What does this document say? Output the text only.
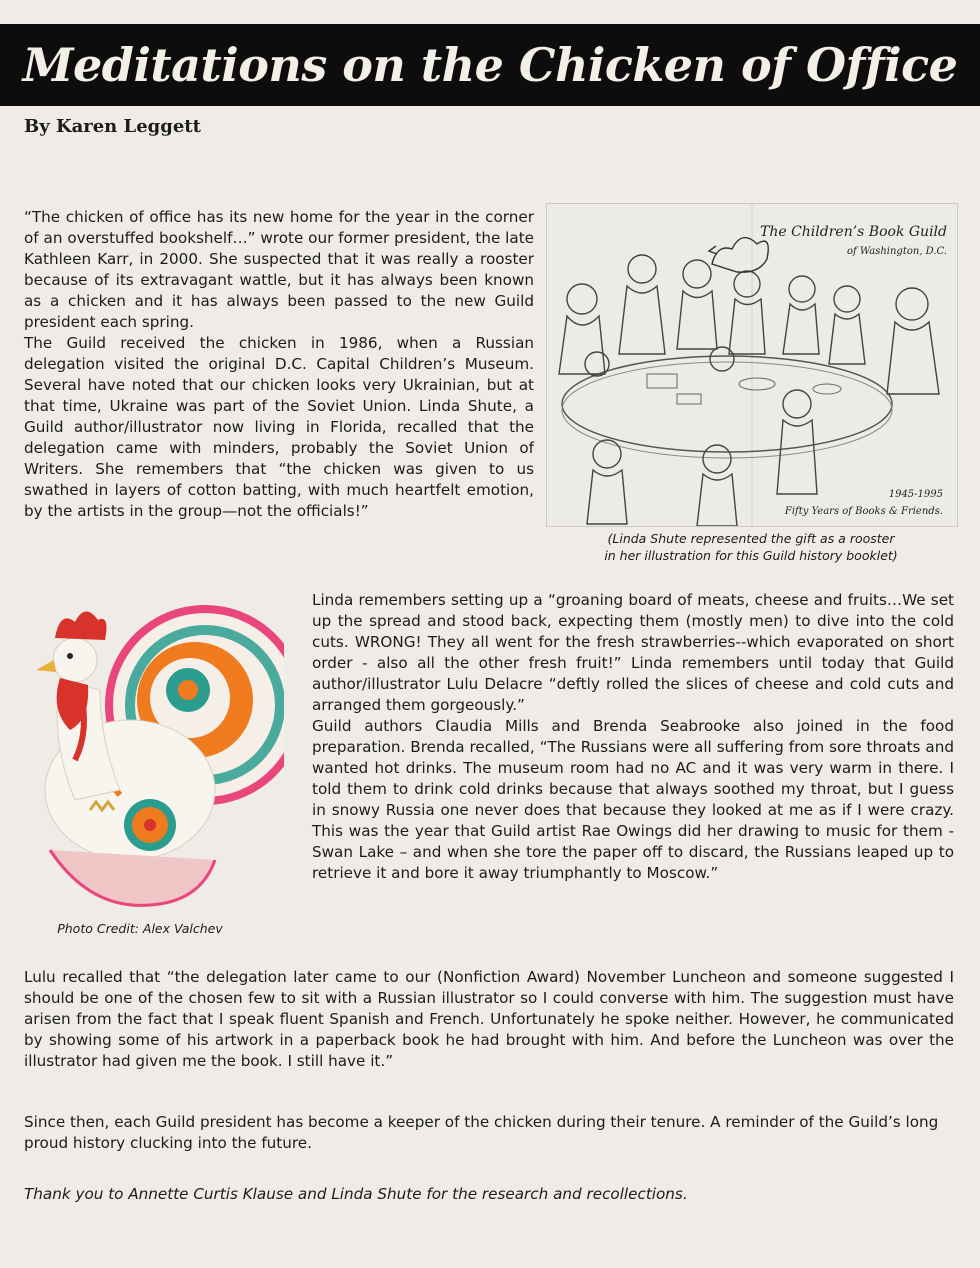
Meditations on the Chicken of Office
By Karen Leggett

“The chicken of office has its new home for the year in the corner of an overstuffed bookshelf…” wrote our former president, the late Kathleen Karr, in 2000. She suspected that it was really a rooster because of its extravagant wattle, but it has always been known as a chicken and it has always been passed to the new Guild president each spring.

The Guild received the chicken in 1986, when a Russian delegation visited the original D.C. Capital Children’s Museum. Several have noted that our chicken looks very Ukrainian, but at that time, Ukraine was part of the Soviet Union. Linda Shute, a Guild author/illustrator now living in Florida, recalled that the delegation came with minders, probably the Soviet Union of Writers. She remembers that “the chicken was given to us swathed in layers of cotton batting, with much heartfelt emotion, by the artists in the group—not the officials!”

The Children’s Book Guild
of Washington, D.C.
1945-1995
Fifty Years of Books & Friends.
(Linda Shute represented the gift as a rooster
in her illustration for this Guild history booklet)
Photo Credit: Alex Valchev

Linda remembers setting up a “groaning board of meats, cheese and fruits…We set up the spread and stood back, expecting them (mostly men) to dive into the cold cuts. WRONG! They all went for the fresh strawberries--which evaporated on short order - also all the other fresh fruit!” Linda remembers until today that Guild author/illustrator Lulu Delacre “deftly rolled the slices of cheese and cold cuts and arranged them gorgeously.”

Guild authors Claudia Mills and Brenda Seabrooke also joined in the food preparation. Brenda recalled, “The Russians were all suffering from sore throats and wanted hot drinks. The museum room had no AC and it was very warm in there. I told them to drink cold drinks because that always soothed my throat, but I guess in snowy Russia one never does that because they looked at me as if I were crazy. This was the year that Guild artist Rae Owings did her drawing to music for them -Swan Lake – and when she tore the paper off to discard, the Russians leaped up to retrieve it and bore it away triumphantly to Moscow.”

Lulu recalled that “the delegation later came to our (Nonfiction Award) November Luncheon and someone suggested I should be one of the chosen few to sit with a Russian illustrator so I could converse with him. The suggestion must have arisen from the fact that I speak fluent Spanish and French. Unfortunately he spoke neither. However, he communicated by showing some of his artwork in a paperback book he had brought with him. And before the Luncheon was over the illustrator had given me the book. I still have it.”

Since then, each Guild president has become a keeper of the chicken during their tenure. A reminder of the Guild’s long proud history clucking into the future.

Thank you to Annette Curtis Klause and Linda Shute for the research and recollections.
